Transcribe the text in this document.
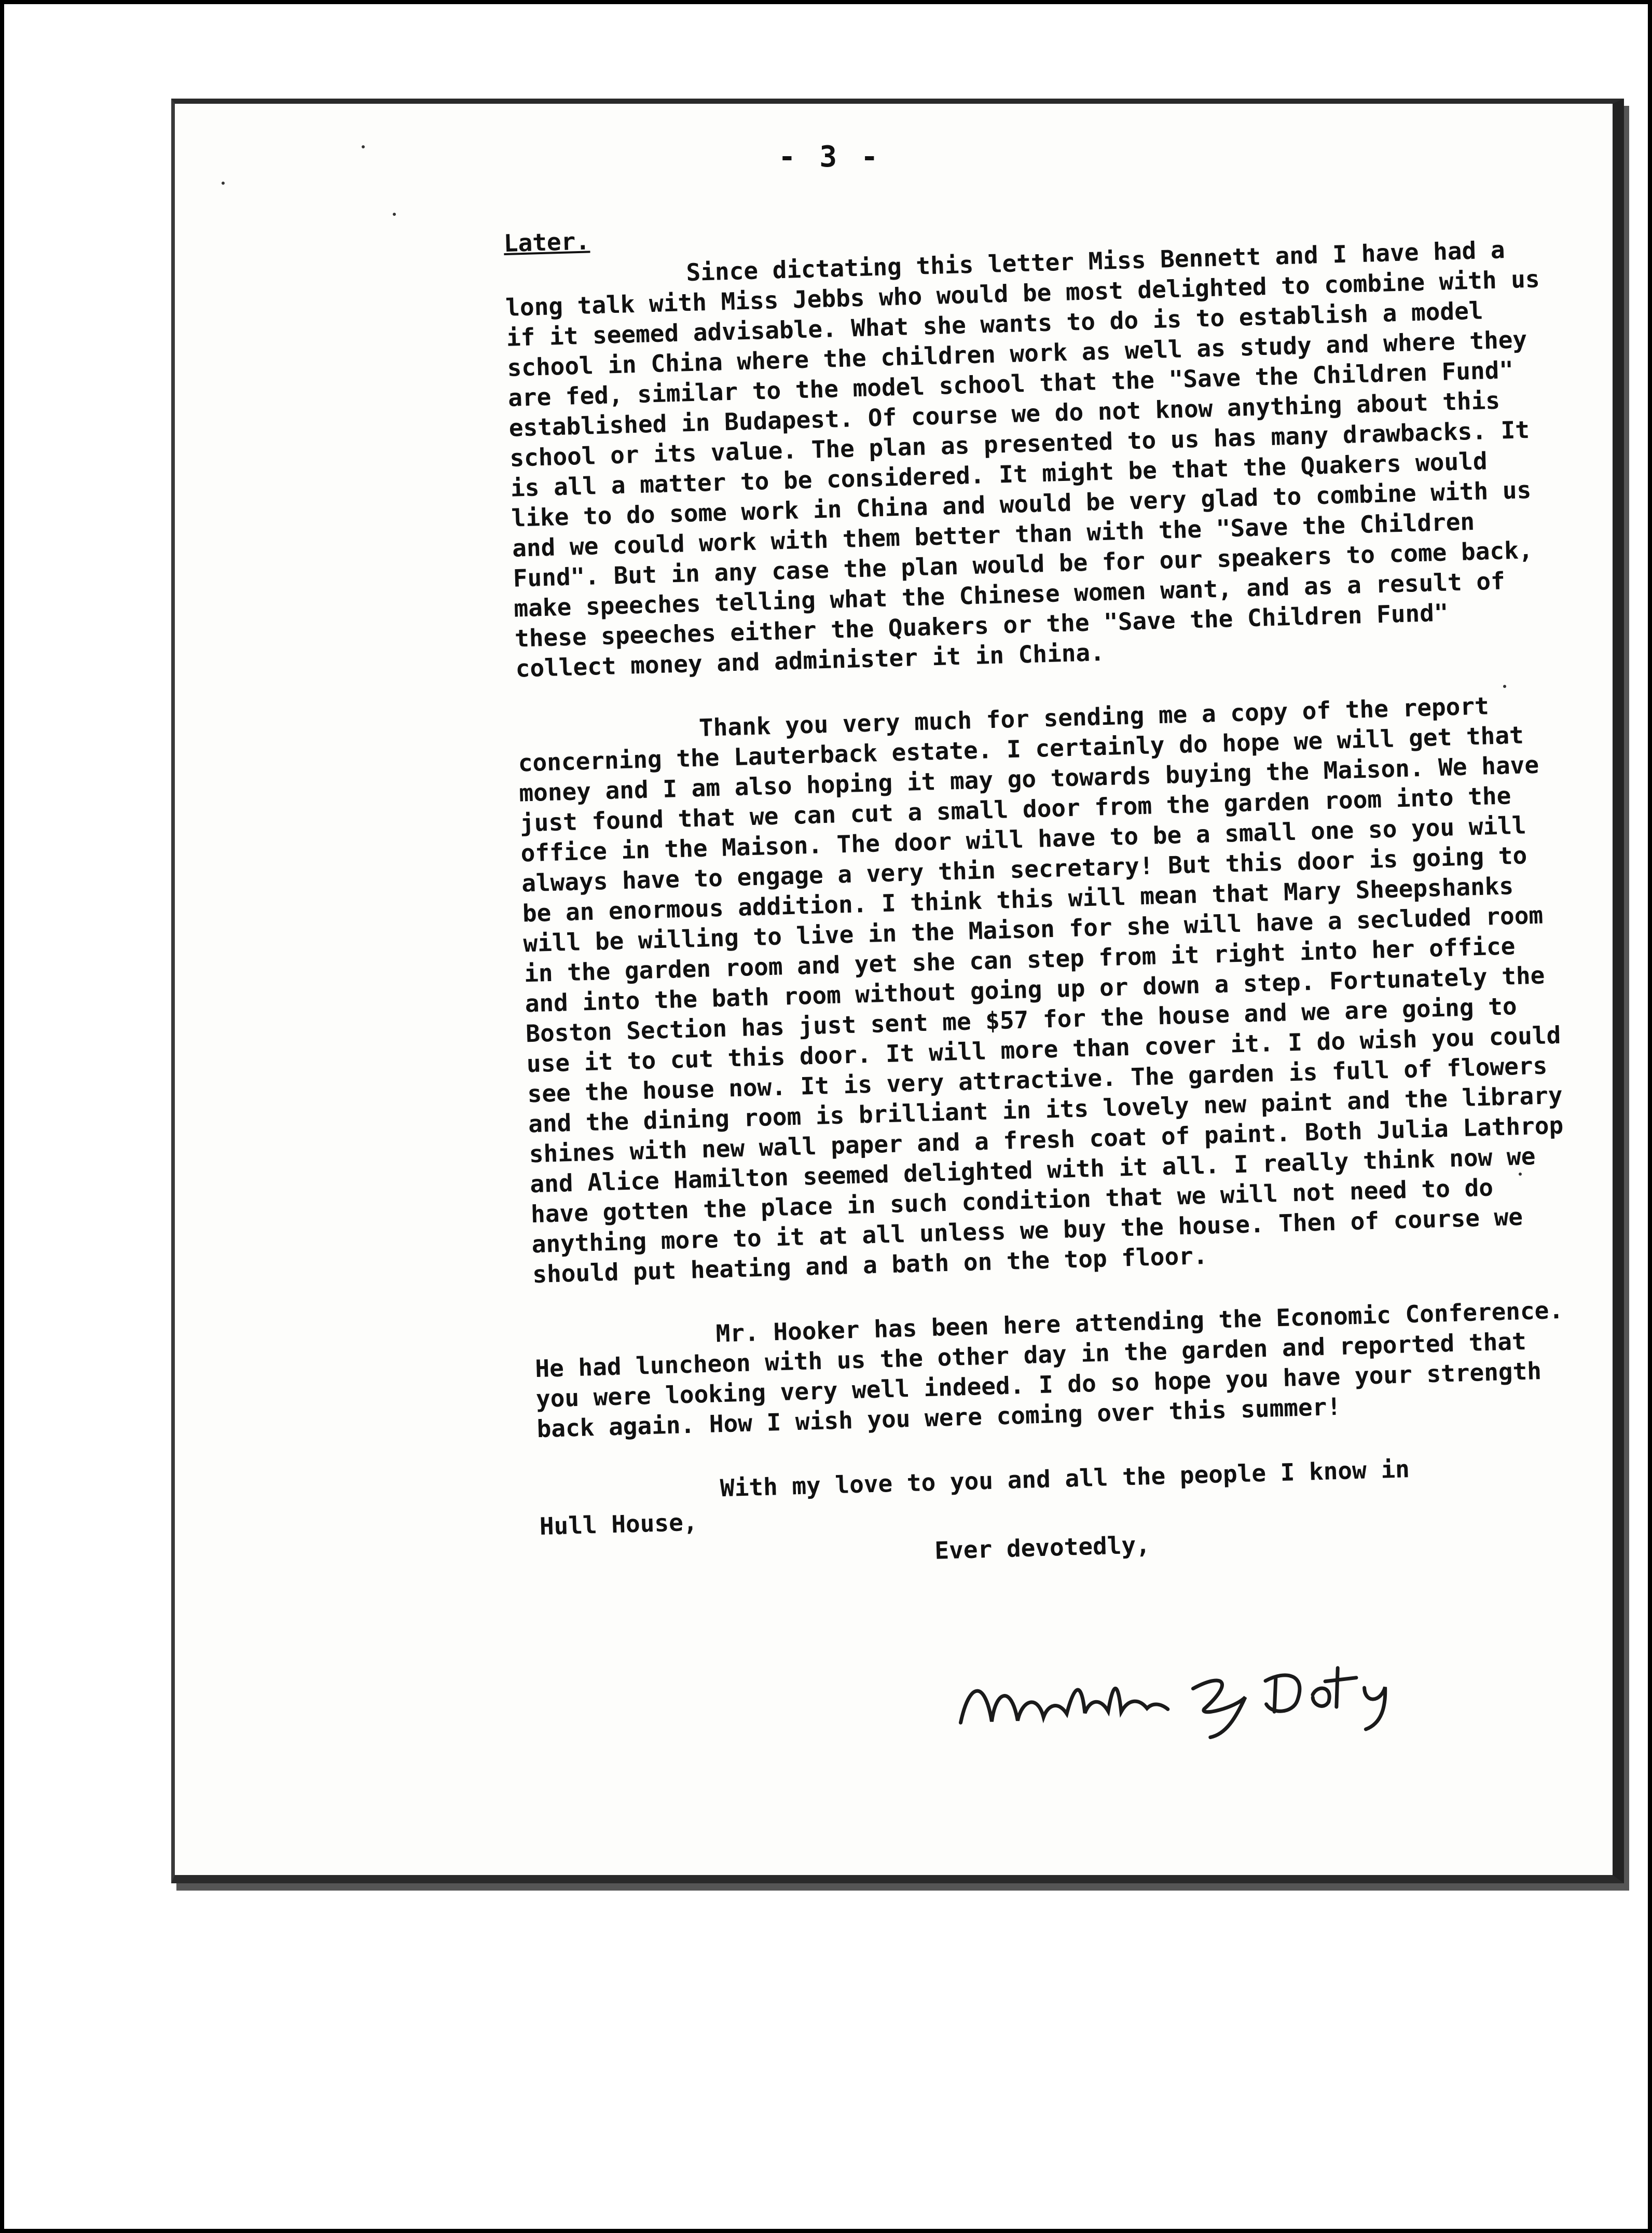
- 3 -
Later.	Since dictating this letter Miss Bennett and I have had a long talk with Miss Jebbs who would be most delighted to combine with us if it seemed advisable. What she wants to do is to establish a model school in China where the children work as well as study and where they are fed, similar to the model school that the "Save the Children Fund" established in Budapest. Of course we do not know anything about this school or its value. The plan as presented to us has many drawbacks. It is all a matter to be considered. It might be that the Quakers would like to do some work in China and would be very glad to combine with us and we could work with them better than with the "Save the Children Fund". But in any case the plan would be for our speakers to come back, make speeches telling what the Chinese women want, and as a result of these speeches either the Quakers or the "Save the Children Fund" collect money and administer it in China.

Thank you very much for sending me a copy of the report concerning the Lauterback estate. I certainly do hope we will get that money and I am also hoping it may go towards buying the Maison. We have just found that we can cut a small door from the garden room into the office in the Maison. The door will have to be a small one so you will always have to engage a very thin secretary! But this door is going to be an enormous addition. I think this will mean that Mary Sheepshanks will be willing to live in the Maison for she will have a secluded room in the garden room and yet she can step from it right into her office and into the bath room without going up or down a step. Fortunately the Boston Section has just sent me $57 for the house and we are going to use it to cut this door. It will more than cover it. I do wish you could see the house now. It is very attractive. The garden is full of flowers and the dining room is brilliant in its lovely new paint and the library shines with new wall paper and a fresh coat of paint. Both Julia Lathrop and Alice Hamilton seemed delighted with it all. I really think now we have gotten the place in such condition that we will not need to do anything more to it at all unless we buy the house. Then of course we should put heating and a bath on the top floor.

Mr. Hooker has been here attending the Economic Conference. He had luncheon with us the other day in the garden and reported that you were looking very well indeed. I do so hope you have your strength back again. How I wish you were coming over this summer!

With my love to you and all the people I know in

Hull House,

Ever devotedly,
